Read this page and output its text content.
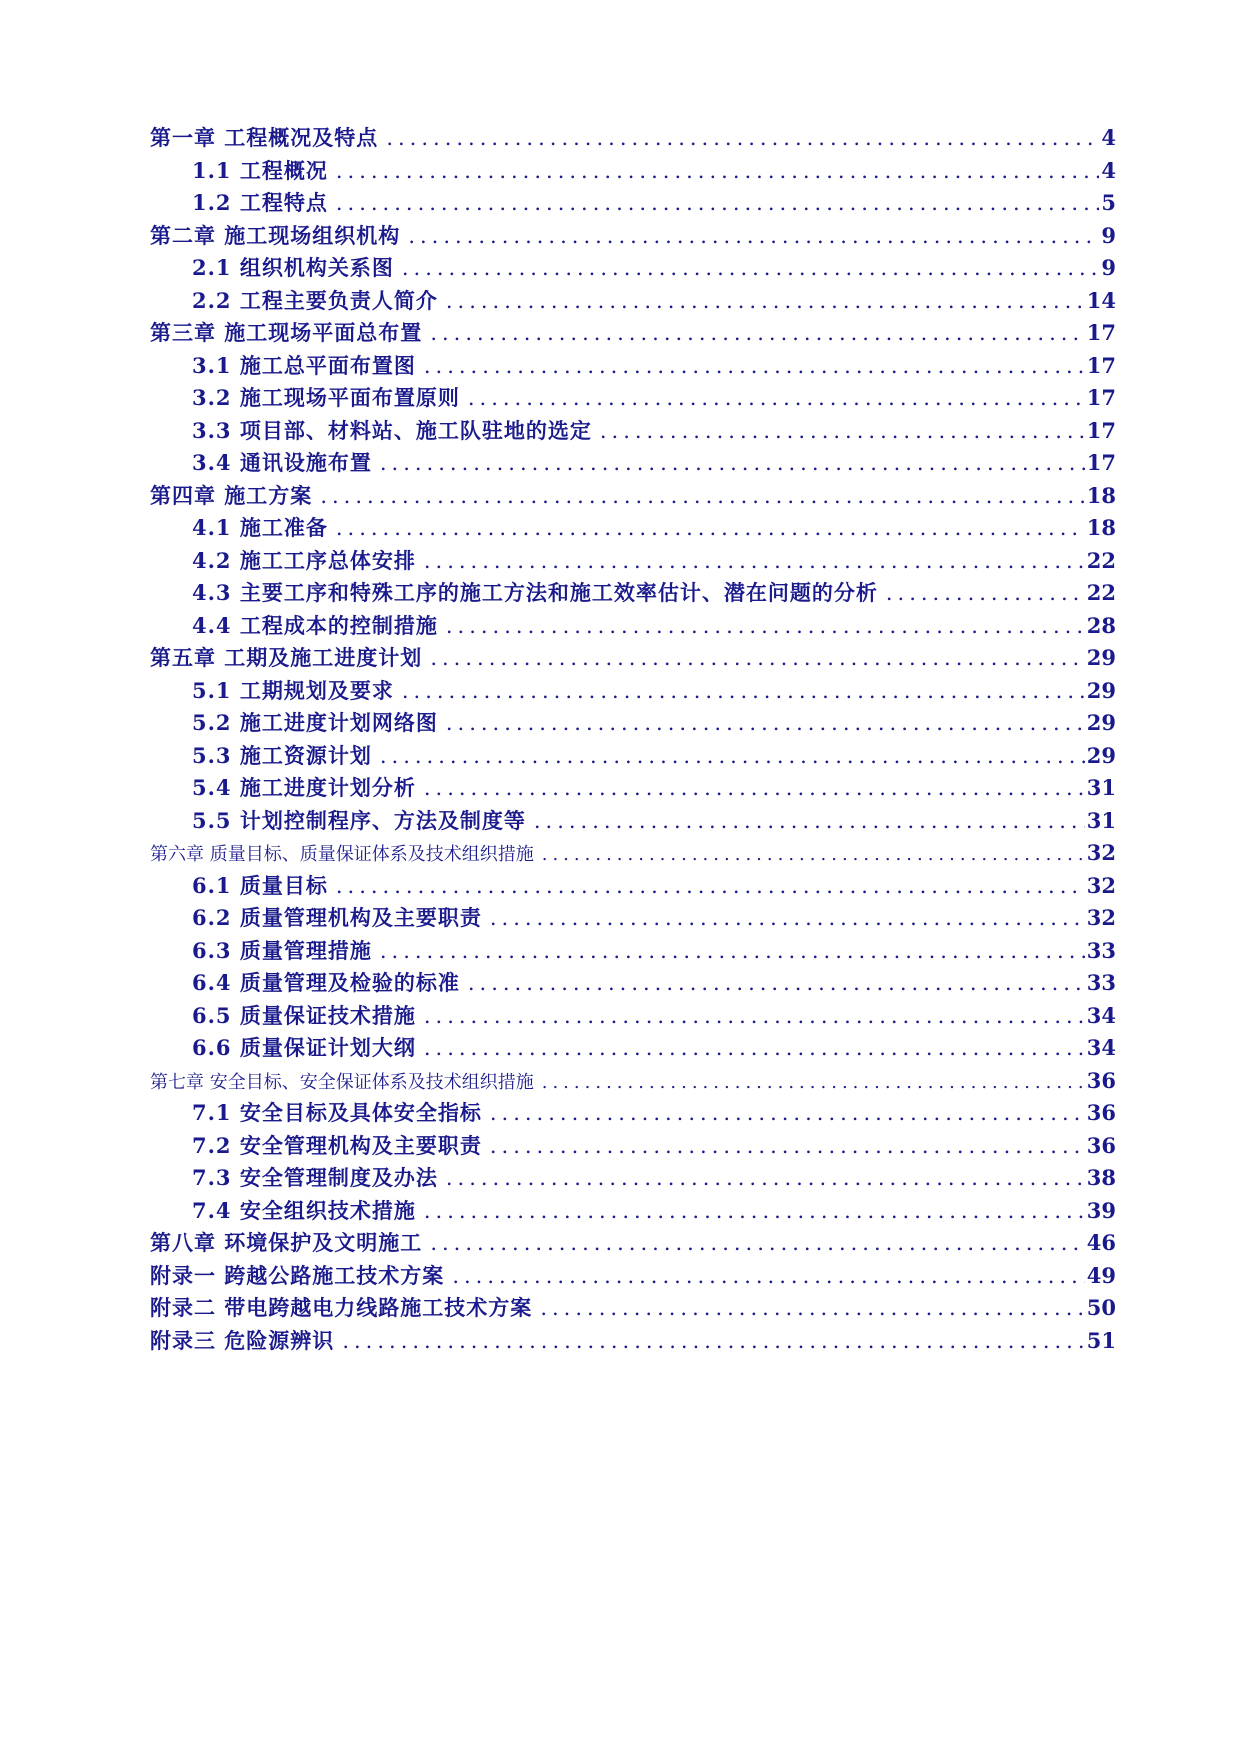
第一章 工程概况及特点 .....	4
1.1 工程概况 .....	4
1.2 工程特点 .....	5
第二章 施工现场组织机构 .....	9
2.1 组织机构关系图 .....	9
2.2 工程主要负责人简介 .....	14
第三章 施工现场平面总布置 .....	17
3.1 施工总平面布置图 .....	17
3.2 施工现场平面布置原则 .....	17
3.3 项目部、材料站、施工队驻地的选定 .....	17
3.4 通讯设施布置 .....	17
第四章 施工方案 .....	18
4.1 施工准备 .....	18
4.2 施工工序总体安排 .....	22
4.3 主要工序和特殊工序的施工方法和施工效率估计、潜在问题的分析 .....	22
4.4 工程成本的控制措施 .....	28
第五章 工期及施工进度计划 .....	29
5.1 工期规划及要求 .....	29
5.2 施工进度计划网络图 .....	29
5.3 施工资源计划 .....	29
5.4 施工进度计划分析 .....	31
5.5 计划控制程序、方法及制度等 .....	31
第六章 质量目标、质量保证体系及技术组织措施 .....	32
6.1 质量目标 .....	32
6.2 质量管理机构及主要职责 .....	32
6.3 质量管理措施 .....	33
6.4 质量管理及检验的标准 .....	33
6.5 质量保证技术措施 .....	34
6.6 质量保证计划大纲 .....	34
第七章 安全目标、安全保证体系及技术组织措施 .....	36
7.1 安全目标及具体安全指标 .....	36
7.2 安全管理机构及主要职责 .....	36
7.3 安全管理制度及办法 .....	38
7.4 安全组织技术措施 .....	39
第八章 环境保护及文明施工 .....	46
附录一 跨越公路施工技术方案 .....	49
附录二 带电跨越电力线路施工技术方案 .....	50
附录三 危险源辨识 .....	51
